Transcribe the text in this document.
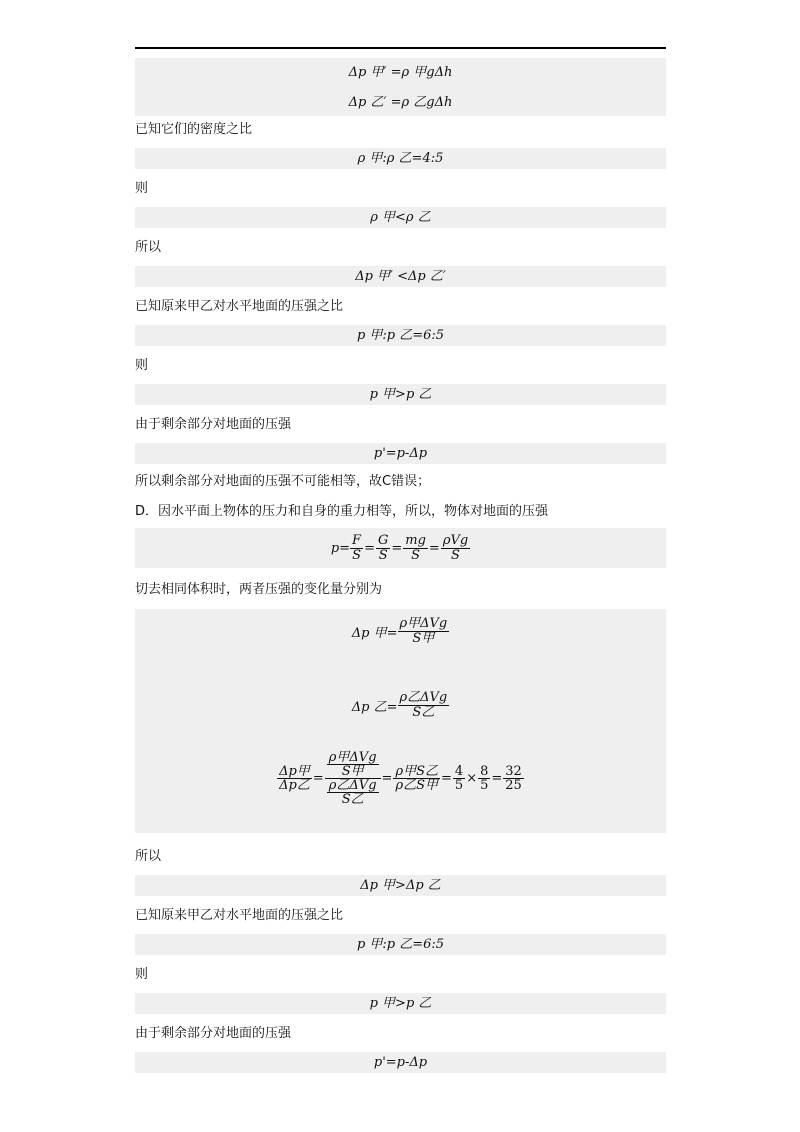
Δp 甲′ =ρ 甲gΔh
Δp 乙′ =ρ 乙gΔh
已知它们的密度之比
ρ 甲:ρ 乙=4:5
则
ρ 甲<ρ 乙
所以
Δp 甲′ <Δp 乙′
已知原来甲乙对水平地面的压强之比
p 甲:p 乙=6:5
则
p 甲>p 乙
由于剩余部分对地面的压强
p'=p-Δp
所以剩余部分对地面的压强不可能相等，故C错误；
D．因水平面上物体的压力和自身的重力相等，所以，物体对地面的压强
$p= \frac{F}{S} = \frac{G}{S} = \frac{mg}{S} = \frac{\text{ρVg}}{S}$
切去相同体积时，两者压强的变化量分别为
Δp 甲= $\frac{\text{ρ甲ΔVg}}{\text{S甲}}$
Δp 乙= $\frac{\text{ρ乙ΔVg}}{\text{S乙}}$
$\frac{\text{Δp甲}}{\text{Δp乙}} = \frac{\frac{\text{ρ甲ΔVg}}{\text{S甲}}}{\frac{\text{ρ乙ΔVg}}{\text{S乙}}} = \frac{\text{ρ甲S乙}}{\text{ρ乙S甲}} = \frac{4}{5} \times \frac{8}{5} = \frac{32}{25}$
所以
Δp 甲>Δp 乙
已知原来甲乙对水平地面的压强之比
p 甲:p 乙=6:5
则
p 甲>p 乙
由于剩余部分对地面的压强
p'=p-Δp
